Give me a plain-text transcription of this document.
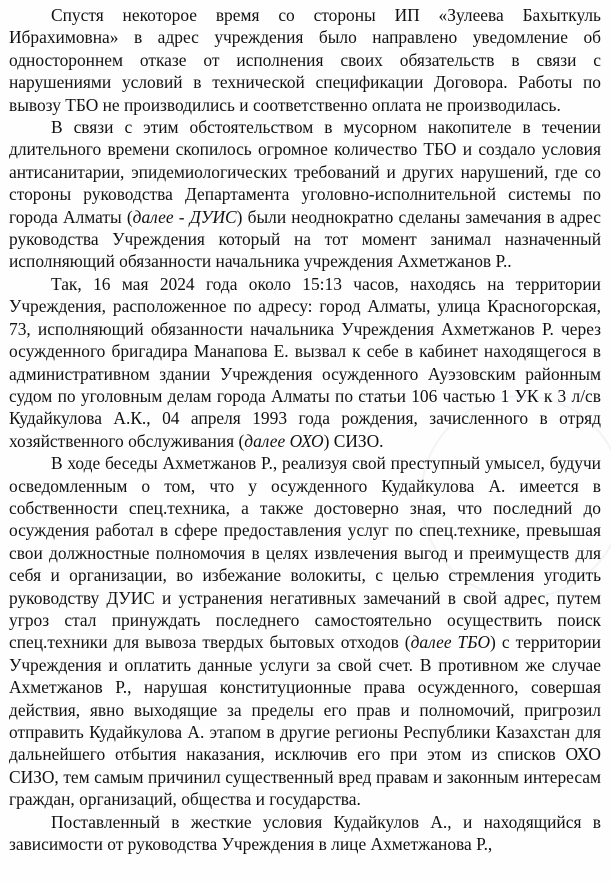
Спустя некоторое время со стороны ИП «Зулеева Бахыткуль Ибрахимовна» в адрес учреждения было направлено уведомление об одностороннем отказе от исполнения своих обязательств в связи с нарушениями условий в технической спецификации Договора. Работы по вывозу ТБО не производились и соответственно оплата не производилась.

В связи с этим обстоятельством в мусорном накопителе в течении длительного времени скопилось огромное количество ТБО и создало условия антисанитарии, эпидемиологических требований и других нарушений, где со стороны руководства Департамента уголовно-исполнительной системы по города Алматы (далее - ДУИС) были неоднократно сделаны замечания в адрес руководства Учреждения который на тот момент занимал назначенный исполняющий обязанности начальника учреждения Ахметжанов Р..

Так, 16 мая 2024 года около 15:13 часов, находясь на территории Учреждения, расположенное по адресу: город Алматы, улица Красногорская, 73, исполняющий обязанности начальника Учреждения Ахметжанов Р. через осужденного бригадира Манапова Е. вызвал к себе в кабинет находящегося в административном здании Учреждения осужденного Ауэзовским районным судом по уголовным делам города Алматы по статьи 106 частью 1 УК к 3 л/св Кудайкулова А.К., 04 апреля 1993 года рождения, зачисленного в отряд хозяйственного обслуживания (далее ОХО) СИЗО.

В ходе беседы Ахметжанов Р., реализуя свой преступный умысел, будучи осведомленным о том, что у осужденного Кудайкулова А. имеется в собственности спец.техника, а также достоверно зная, что последний до осуждения работал в сфере предоставления услуг по спец.технике, превышая свои должностные полномочия в целях извлечения выгод и преимуществ для себя и организации, во избежание волокиты, с целью стремления угодить руководству ДУИС и устранения негативных замечаний в свой адрес, путем угроз стал принуждать последнего самостоятельно осуществить поиск спец.техники для вывоза твердых бытовых отходов (далее ТБО) с территории Учреждения и оплатить данные услуги за свой счет. В противном же случае Ахметжанов Р., нарушая конституционные права осужденного, совершая действия, явно выходящие за пределы его прав и полномочий, пригрозил отправить Кудайкулова А. этапом в другие регионы Республики Казахстан для дальнейшего отбытия наказания, исключив его при этом из списков ОХО СИЗО, тем самым причинил существенный вред правам и законным интересам граждан, организаций, общества и государства.

Поставленный в жесткие условия Кудайкулов А., и находящийся в зависимости от руководства Учреждения в лице Ахметжанова Р.,
